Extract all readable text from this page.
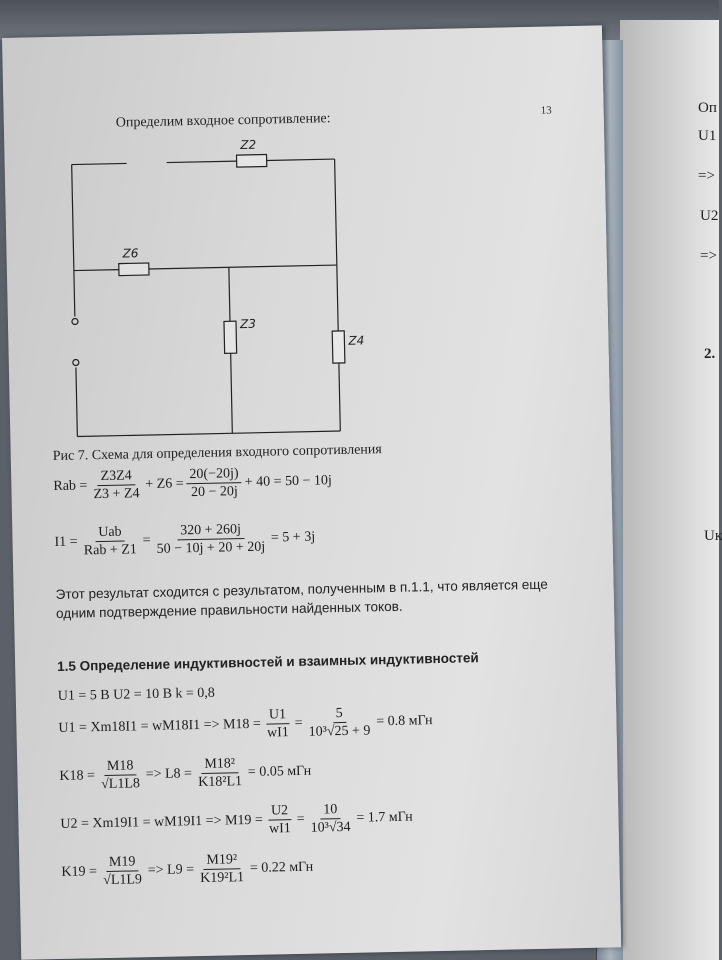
Оп
U1
=>
U2
=>
2.
Uк
13
Определим входное сопротивление:
Z2
Z6
Z3
Z4
Рис 7. Схема для определения входного сопротивления
Rab = $\frac{Z3Z4}{Z3 + Z4} + Z6 = \frac{20(-20j)}{20 - 20j} + 40 = 50 - 10j$
$I1 = \frac{\text{Uab}}{\text{Rab + Z1}} = \frac{320 + 260j}{50 - 10j + 20 + 20j} = 5 + 3j$
Этот результат сходится с результатом, полученным в п.1.1, что является еще
одним подтверждение правильности найденных токов.
1.5 Определение индуктивностей и взаимных индуктивностей
U1 = 5 В U2 = 10 В k = 0,8
$U1 = Xm18I1 = wM18I1 => M18 = \frac{U1}{wI1} = \frac{5}{\text{10³√25 + 9}} = 0.8$ мГн
$K18 = \frac{M18}{√L1L8} => L8 = \frac{\text{M18²}}{\text{K18²L1}} = 0.05$ мГн
$U2 = Xm19I1 = wM19I1 => M19 = \frac{U2}{wI1} = \frac{10}{\text{10³√34}} = 1.7$ мГн
$K19 = \frac{M19}{√L1L9} => L9 = \frac{\text{M19²}}{\text{K19²L1}} = 0.22$ мГн
